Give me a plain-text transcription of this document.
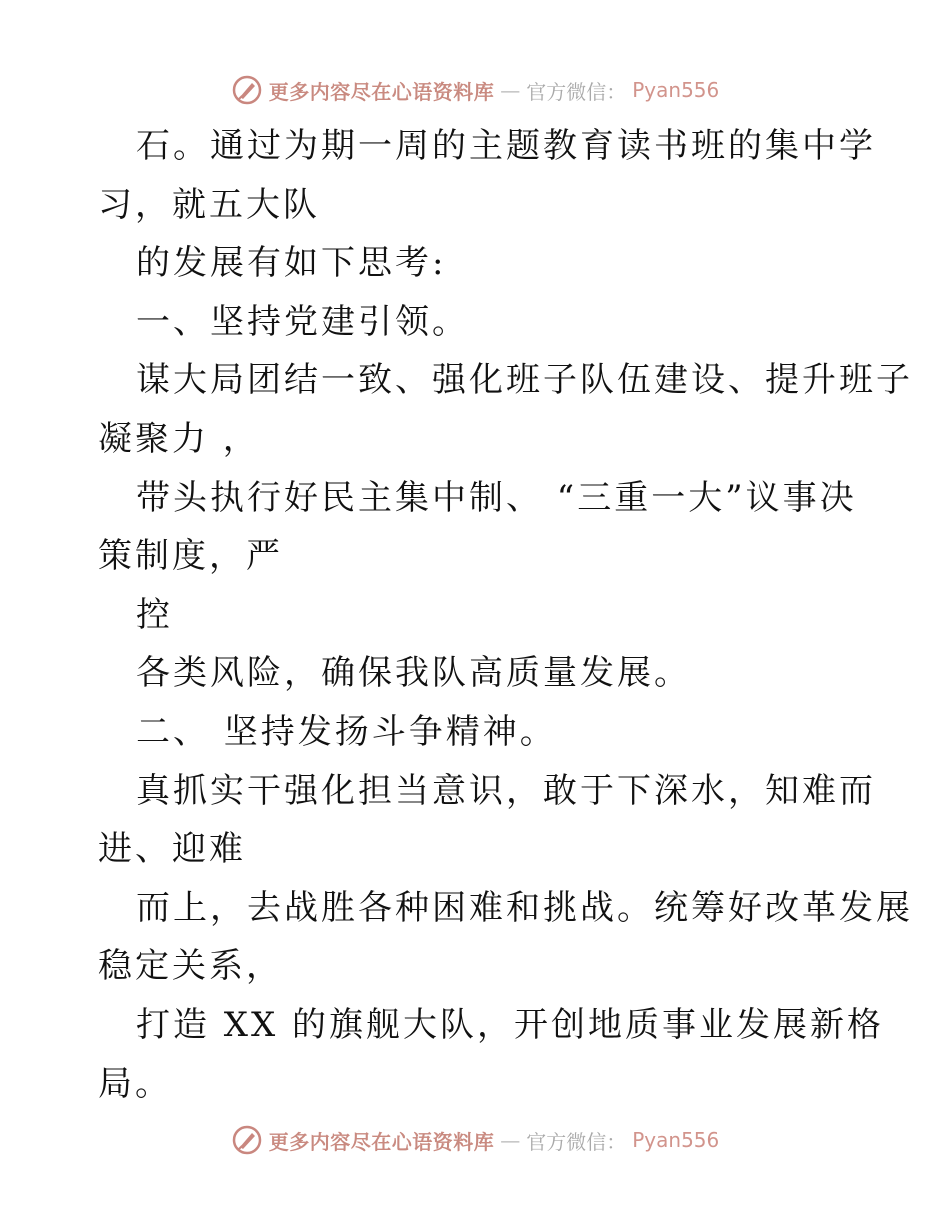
更多内容尽在心语资料库 — 官方微信： Pyan556
石。通过为期一周的主题教育读书班的集中学
习，就五大队
的发展有如下思考:
一、坚持党建引领。
谋大局团结一致、强化班子队伍建设、提升班子
凝聚力 ，
带头执行好民主集中制、 “三重一大”议事决
策制度，严
控
各类风险，确保我队高质量发展。
二、 坚持发扬斗争精神。
真抓实干强化担当意识，敢于下深水，知难而
进、迎难
而上，去战胜各种困难和挑战。统筹好改革发展
稳定关系，
打造 XX 的旗舰大队，开创地质事业发展新格
局。
更多内容尽在心语资料库 — 官方微信： Pyan556
